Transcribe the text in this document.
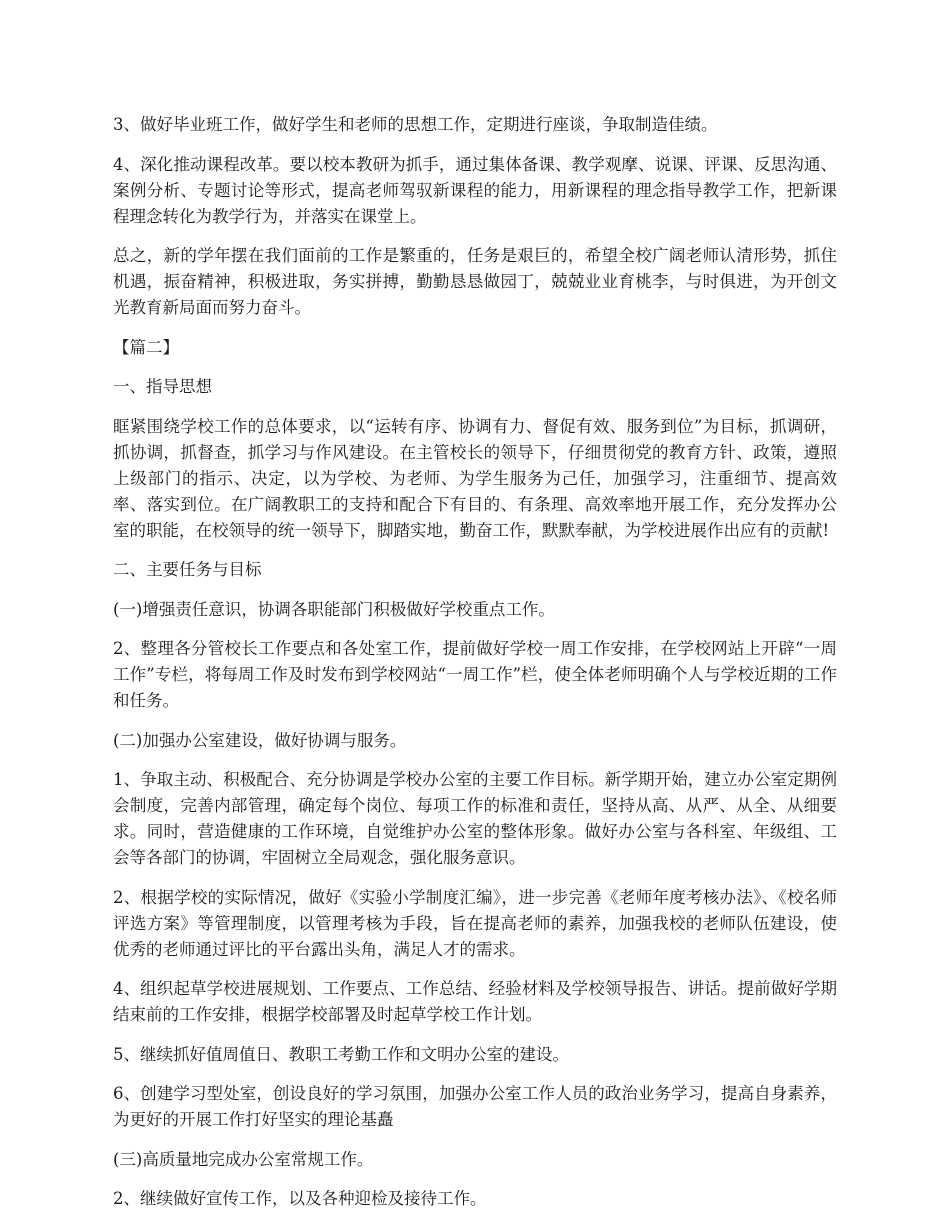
3、做好毕业班工作，做好学生和老师的思想工作，定期进行座谈，争取制造佳绩。

4、深化推动课程改革。要以校本教研为抓手，通过集体备课、教学观摩、说课、评课、反思沟通、案例分析、专题讨论等形式，提高老师驾驭新课程的能力，用新课程的理念指导教学工作，把新课程理念转化为教学行为，并落实在课堂上。

总之，新的学年摆在我们面前的工作是繁重的，任务是艰巨的，希望全校广阔老师认清形势，抓住机遇，振奋精神，积极进取，务实拼搏，勤勤恳恳做园丁，兢兢业业育桃李，与时俱进，为开创文光教育新局面而努力奋斗。

【篇二】

一、指导思想

眶紧围绕学校工作的总体要求，以“运转有序、协调有力、督促有效、服务到位”为目标，抓调研，抓协调，抓督查，抓学习与作风建设。在主管校长的领导下，仔细贯彻党的教育方针、政策，遵照上级部门的指示、决定，以为学校、为老师、为学生服务为己任，加强学习，注重细节、提高效率、落实到位。在广阔教职工的支持和配合下有目的、有条理、高效率地开展工作，充分发挥办公室的职能，在校领导的统一领导下，脚踏实地，勤奋工作，默默奉献，为学校进展作出应有的贡献!

二、主要任务与目标

(一)增强责任意识，协调各职能部门积极做好学校重点工作。

2、整理各分管校长工作要点和各处室工作，提前做好学校一周工作安排，在学校网站上开辟“一周工作”专栏，将每周工作及时发布到学校网站“一周工作”栏，使全体老师明确个人与学校近期的工作和任务。

(二)加强办公室建设，做好协调与服务。

1、争取主动、积极配合、充分协调是学校办公室的主要工作目标。新学期开始，建立办公室定期例会制度，完善内部管理，确定每个岗位、每项工作的标准和责任，坚持从高、从严、从全、从细要求。同时，营造健康的工作环境，自觉维护办公室的整体形象。做好办公室与各科室、年级组、工会等各部门的协调，牢固树立全局观念，强化服务意识。

2、根据学校的实际情况，做好《实验小学制度汇编》，进一步完善《老师年度考核办法》、《校名师评选方案》等管理制度，以管理考核为手段，旨在提高老师的素养，加强我校的老师队伍建设，使优秀的老师通过评比的平台露出头角，满足人才的需求。

4、组织起草学校进展规划、工作要点、工作总结、经验材料及学校领导报告、讲话。提前做好学期结束前的工作安排，根据学校部署及时起草学校工作计划。

5、继续抓好值周值日、教职工考勤工作和文明办公室的建设。

6、创建学习型处室，创设良好的学习氛围，加强办公室工作人员的政治业务学习，提高自身素养，为更好的开展工作打好坚实的理论基矗

(三)高质量地完成办公室常规工作。

2、继续做好宣传工作，以及各种迎检及接待工作。
